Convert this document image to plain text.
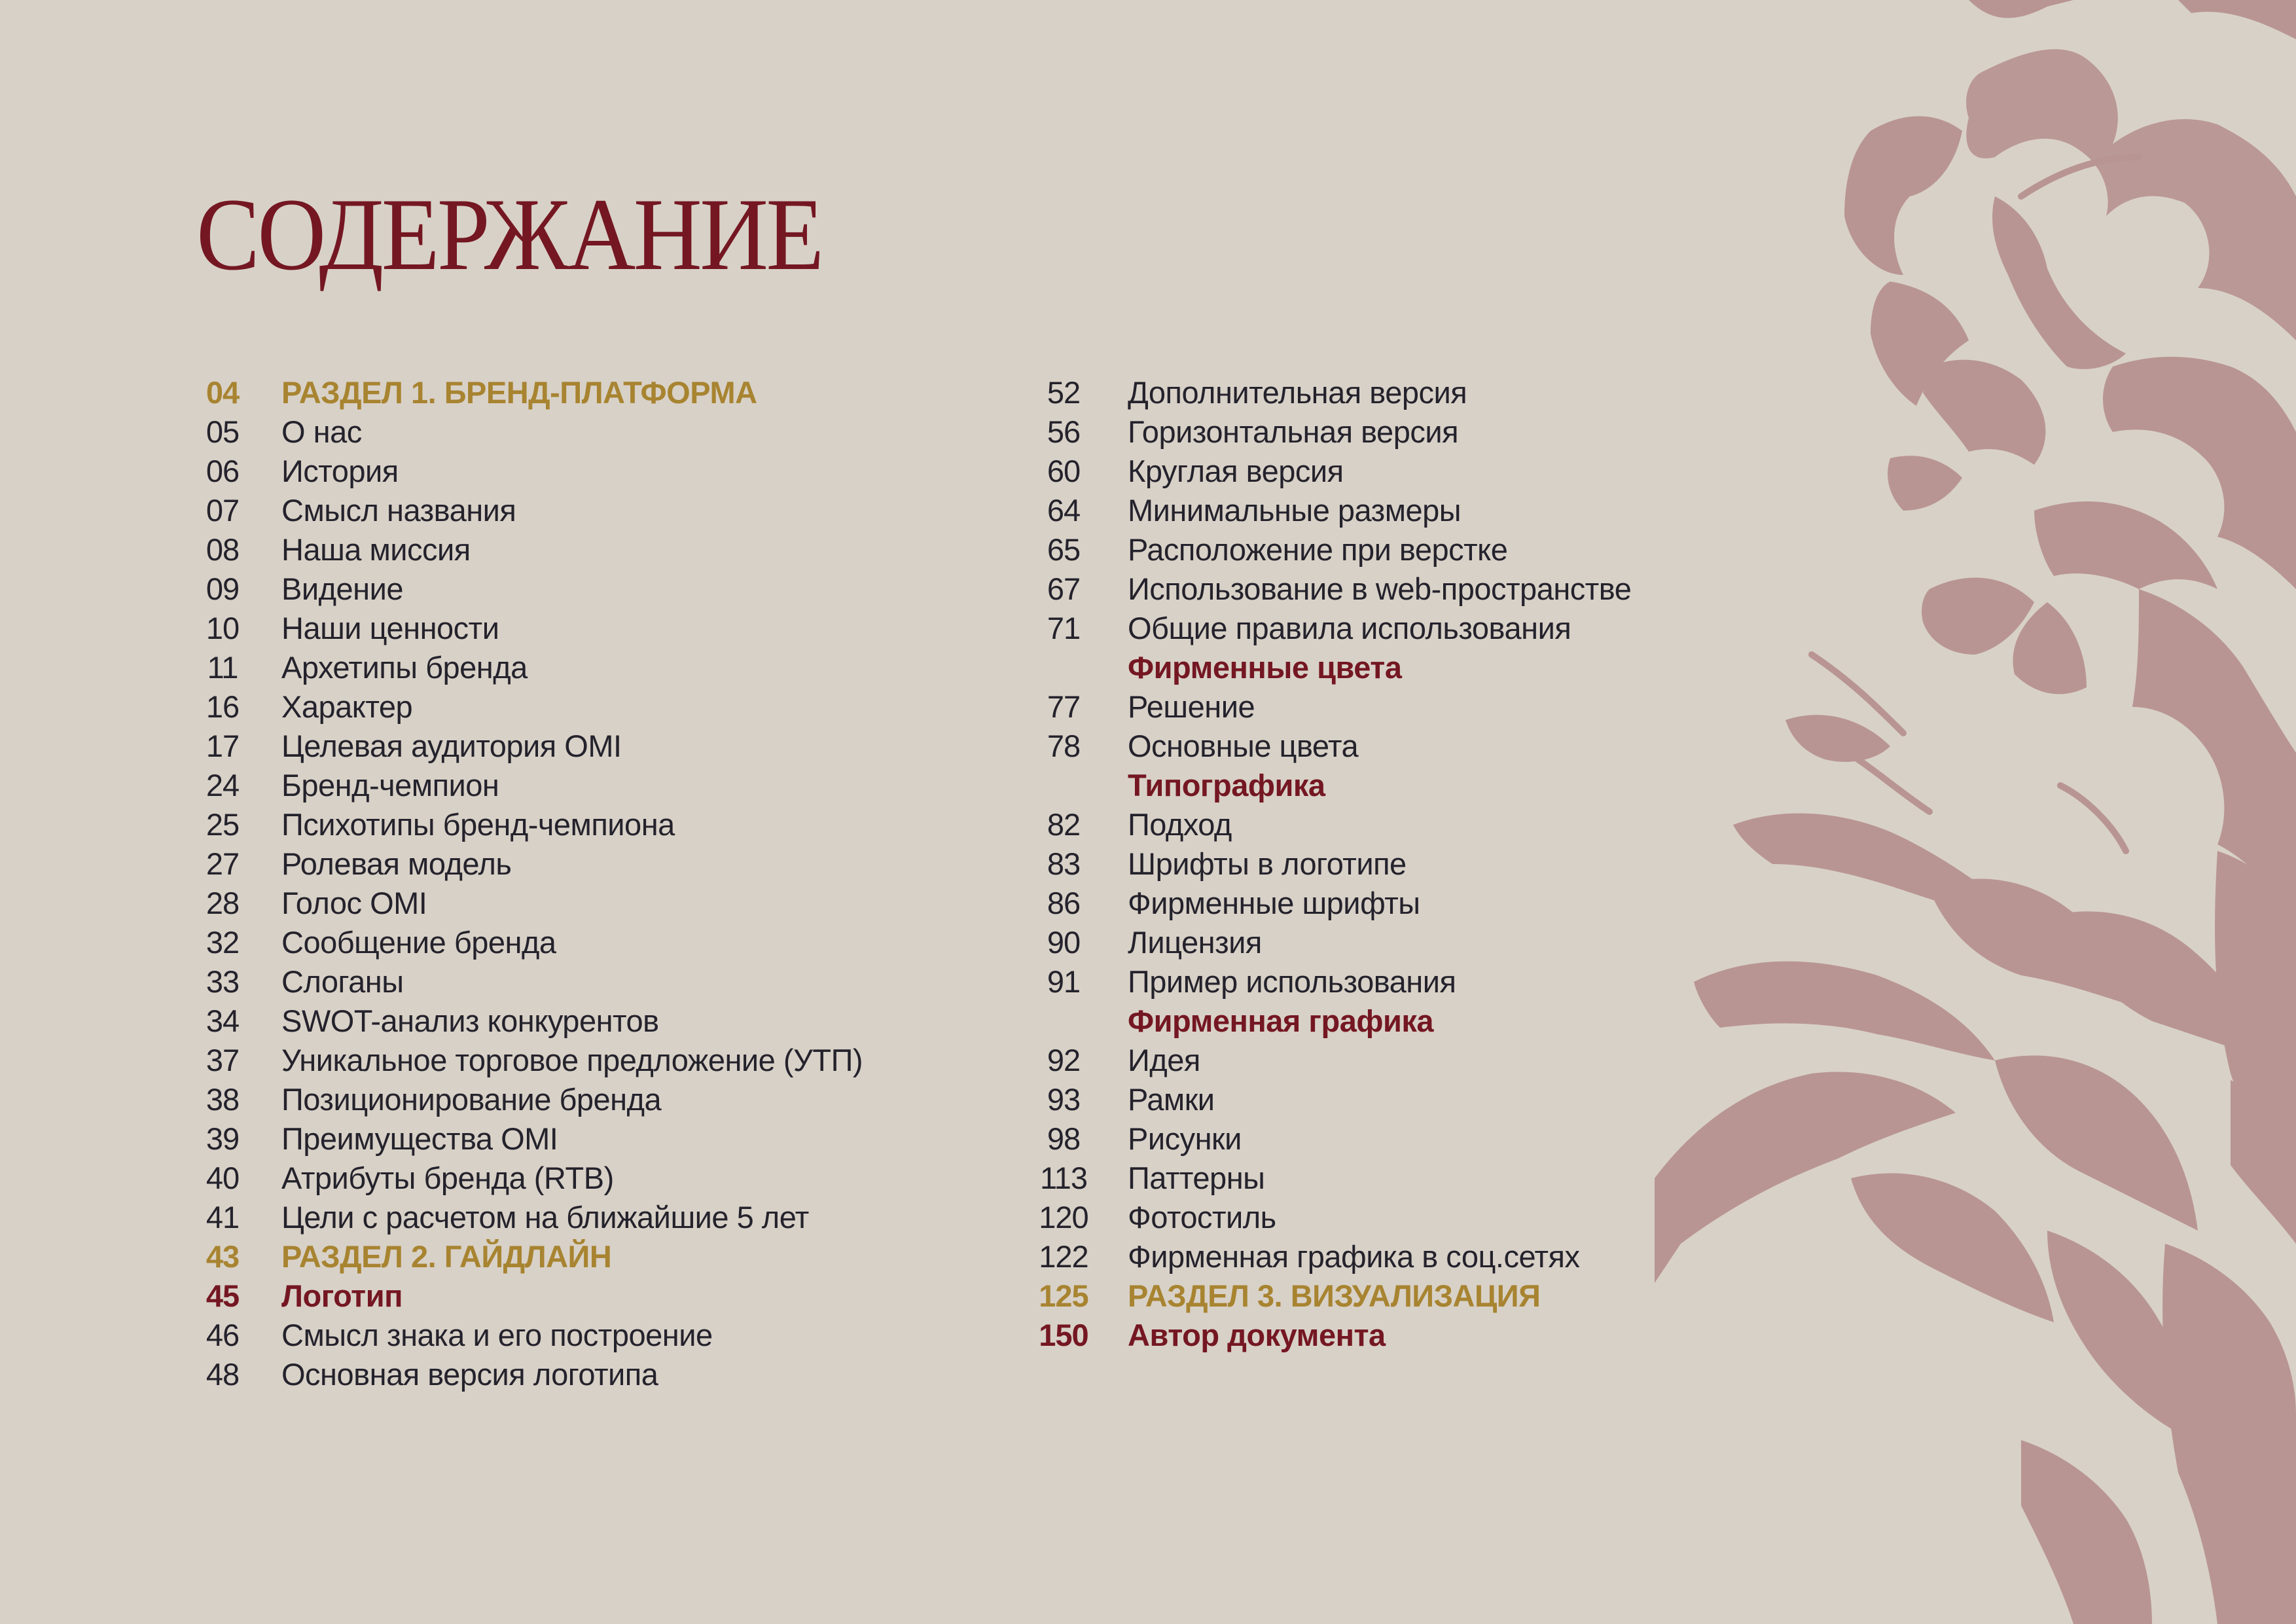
СОДЕРЖАНИЕ
04	РАЗДЕЛ 1. БРЕНД-ПЛАТФОРМА
05	О нас
06	История
07	Смысл названия
08	Наша миссия
09	Видение
10	Наши ценности
11	Архетипы бренда
16	Характер
17	Целевая аудитория OMI
24	Бренд-чемпион
25	Психотипы бренд-чемпиона
27	Ролевая модель
28	Голос OMI
32	Сообщение бренда
33	Слоганы
34	SWOT-анализ конкурентов
37	Уникальное торговое предложение (УТП)
38	Позиционирование бренда
39	Преимущества OMI
40	Атрибуты бренда (RTB)
41	Цели с расчетом на ближайшие 5 лет
43	РАЗДЕЛ 2. ГАЙДЛАЙН
45	Логотип
46	Смысл знака и его построение
48	Основная версия логотипа
52	Дополнительная версия
56	Горизонтальная версия
60	Круглая версия
64	Минимальные размеры
65	Расположение при верстке
67	Использование в web-пространстве
71	Общие правила использования
Фирменные цвета
77	Решение
78	Основные цвета
Типографика
82	Подход
83	Шрифты в логотипе
86	Фирменные шрифты
90	Лицензия
91	Пример использования
Фирменная графика
92	Идея
93	Рамки
98	Рисунки
113 Паттерны
120 Фотостиль
122 Фирменная графика в соц.сетях
125 РАЗДЕЛ 3. ВИЗУАЛИЗАЦИЯ
150 Автор документа
